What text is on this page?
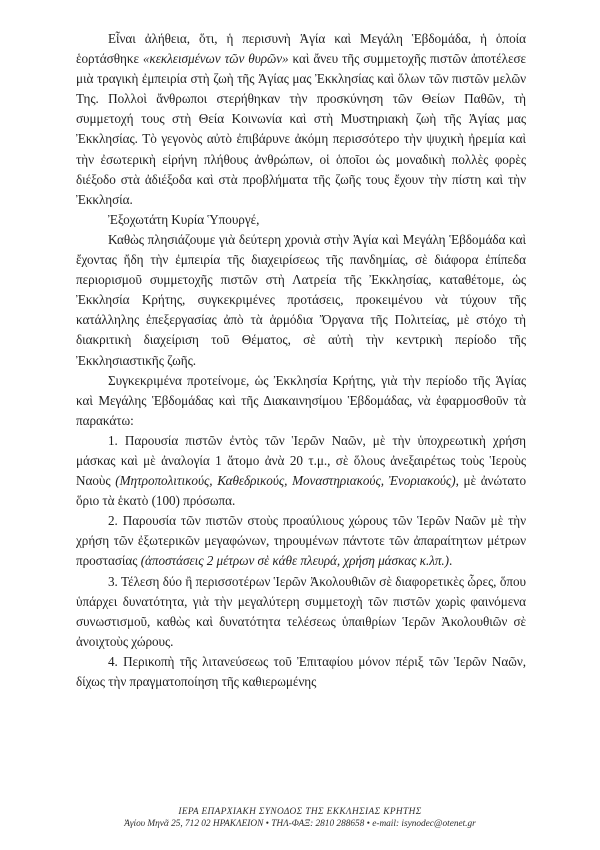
Εἶναι ἀλήθεια, ὅτι, ἡ περισυνὴ Ἁγία καὶ Μεγάλη Ἑβδομάδα, ἡ ὁποία ἑορτάσθηκε «κεκλεισμένων τῶν θυρῶν» καὶ ἄνευ τῆς συμμετοχῆς πιστῶν ἀποτέλεσε μιὰ τραγικὴ ἐμπειρία στὴ ζωὴ τῆς Ἁγίας μας Ἐκκλησίας καὶ ὅλων τῶν πιστῶν μελῶν Της. Πολλοὶ ἄνθρωποι στερήθηκαν τὴν προσκύνηση τῶν Θείων Παθῶν, τὴ συμμετοχή τους στὴ Θεία Κοινωνία καὶ στὴ Μυστηριακὴ ζωὴ τῆς Ἁγίας μας Ἐκκλησίας. Τὸ γεγονὸς αὐτὸ ἐπιβάρυνε ἀκόμη περισσότερο τὴν ψυχικὴ ἠρεμία καὶ τὴν ἐσωτερικὴ εἰρήνη πλήθους ἀνθρώπων, οἱ ὁποῖοι ὡς μοναδικὴ πολλὲς φορὲς διέξοδο στὰ ἀδιέξοδα καὶ στὰ προβλήματα τῆς ζωῆς τους ἔχουν τὴν πίστη καὶ τὴν Ἐκκλησία.

Ἐξοχωτάτη Κυρία Ὑπουργέ,

Καθὼς πλησιάζουμε γιὰ δεύτερη χρονιὰ στὴν Ἁγία καὶ Μεγάλη Ἑβδομάδα καὶ ἔχοντας ἤδη τὴν ἐμπειρία τῆς διαχειρίσεως τῆς πανδημίας, σὲ διάφορα ἐπίπεδα περιορισμοῦ συμμετοχῆς πιστῶν στὴ Λατρεία τῆς Ἐκκλησίας, καταθέτομε, ὡς Ἐκκλησία Κρήτης, συγκεκριμένες προτάσεις, προκειμένου νὰ τύχουν τῆς κατάλληλης ἐπεξεργασίας ἀπὸ τὰ ἁρμόδια Ὄργανα τῆς Πολιτείας, μὲ στόχο τὴ διακριτικὴ διαχείριση τοῦ Θέματος, σὲ αὐτὴ τὴν κεντρικὴ περίοδο τῆς Ἐκκλησιαστικῆς ζωῆς.

Συγκεκριμένα προτείνομε, ὡς Ἐκκλησία Κρήτης, γιὰ τὴν περίοδο τῆς Ἁγίας καὶ Μεγάλης Ἑβδομάδας καὶ τῆς Διακαινησίμου Ἑβδομάδας, νὰ ἐφαρμοσθοῦν τὰ παρακάτω:

1. Παρουσία πιστῶν ἐντὸς τῶν Ἱερῶν Ναῶν, μὲ τὴν ὑποχρεωτικὴ χρήση μάσκας καὶ μὲ ἀναλογία 1 ἄτομο ἀνὰ 20 τ.μ., σὲ ὅλους ἀνεξαιρέτως τοὺς Ἱεροὺς Ναοὺς (Μητροπολιτικούς, Καθεδρικούς, Μοναστηριακούς, Ἐνοριακούς), μὲ ἀνώτατο ὅριο τὰ ἑκατὸ (100) πρόσωπα.

2. Παρουσία τῶν πιστῶν στοὺς προαύλιους χώρους τῶν Ἱερῶν Ναῶν μὲ τὴν χρήση τῶν ἐξωτερικῶν μεγαφώνων, τηρουμένων πάντοτε τῶν ἀπαραίτητων μέτρων προστασίας (ἀποστάσεις 2 μέτρων σὲ κάθε πλευρά, χρήση μάσκας κ.λπ.).

3. Τέλεση δύο ἢ περισσοτέρων Ἱερῶν Ἀκολουθιῶν σὲ διαφορετικὲς ὧρες, ὅπου ὑπάρχει δυνατότητα, γιὰ τὴν μεγαλύτερη συμμετοχὴ τῶν πιστῶν χωρὶς φαινόμενα συνωστισμοῦ, καθὼς καὶ δυνατότητα τελέσεως ὑπαιθρίων Ἱερῶν Ἀκολουθιῶν σὲ ἀνοιχτοὺς χώρους.

4. Περικοπὴ τῆς λιτανεύσεως τοῦ Ἐπιταφίου μόνον πέριξ τῶν Ἱερῶν Ναῶν, δίχως τὴν πραγματοποίηση τῆς καθιερωμένης

ΙΕΡΑ ΕΠΑΡΧΙΑΚΗ ΣΥΝΟΔΟΣ ΤΗΣ ΕΚΚΛΗΣΙΑΣ ΚΡΗΤΗΣ
Ἁγίου Μηνᾶ 25, 712 02 ΗΡΑΚΛΕΙΟΝ • ΤΗΛ-ΦΑΞ: 2810 288658 • e-mail: isynodec@otenet.gr
